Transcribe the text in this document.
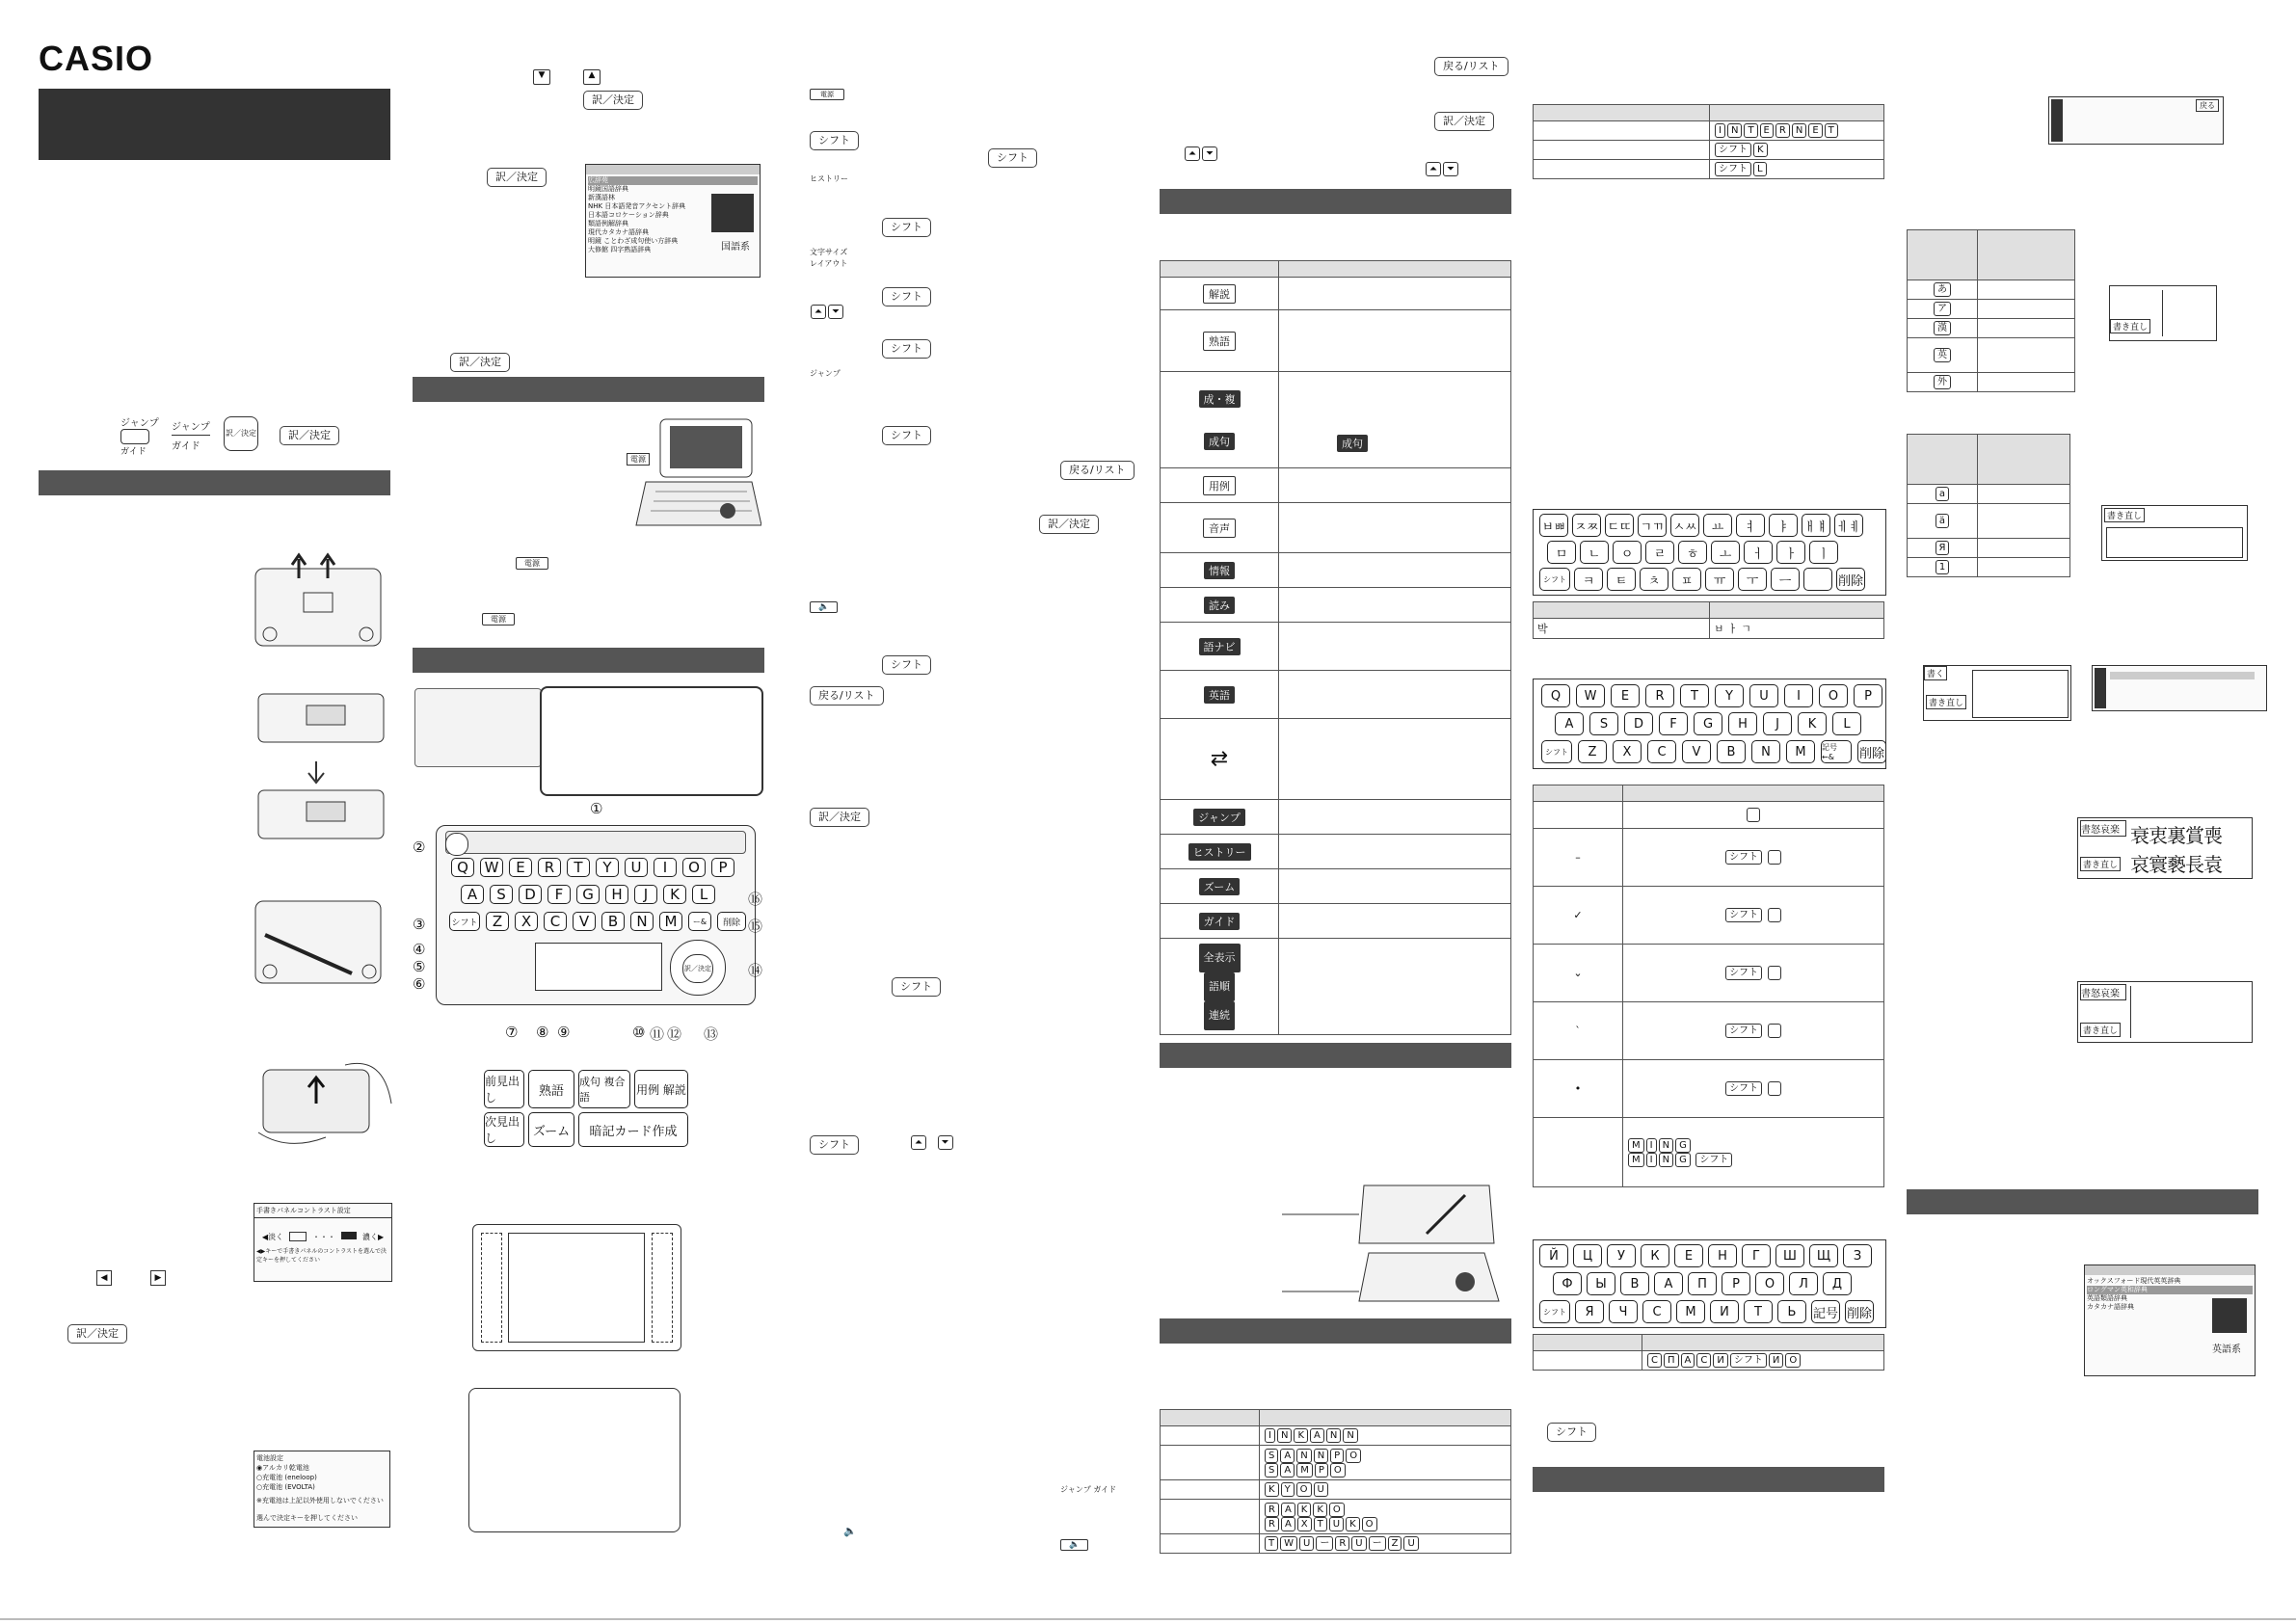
CASIO
ジャンプ
ガイド
ジャンプ
ガイド
訳／決定	訳／決定
手書きパネルコントラスト設定
◀淡く	・・・	濃く▶
◀▶キーで手書きパネルのコントラストを選んで決定キーを押してください
◀	▶
訳／決定
電池設定
◉アルカリ乾電池
○充電池 (eneloop)
○充電池 (EVOLTA)
※充電池は上記以外使用しないでください
選んで決定キーを押してください
▼	▲
訳／決定
訳／決定	広辞苑
明鏡国語辞典
新漢語林
NHK 日本語発音アクセント辞典
日本語コロケーション辞典
類語例解辞典
現代カタカナ語辞典
明鏡 ことわざ成句使い方辞典
大修館 四字熟語辞典	国語系
訳／決定
電源
電源
電源
Q	W	E	R	T	Y	U	I	O	P
A	S	D	F	G	H	J	K	L
シフト	Z	X	C	V	B	N	M	ー&	削除
訳／決定
①
②
③
④
⑤
⑥
⑦ ⑧ ⑨	⑩ ⑪ ⑫ ⑬
⑭
⑮
⑯
前見出し	熟語
成句 複合語
用例 解説
次見出し	ズーム	暗記カード作成
電源
シフト
シフト
ヒストリー
シフト
文字サイズ
レイアウト
シフト
⏶ ⏷
シフト
ジャンプ
シフト
戻る/リスト
訳／決定
🔈
シフト
戻る/リスト
訳／決定
シフト
シフト	⏶ ⏷
ジャンプ ガイド
🔈
🔈
戻る/リスト
訳／決定
⏶ ⏷
⏶ ⏷

解説	
熟語	
成・複

成句	成句
用例	
音声	
情報	
読み	
語ナビ	
英語	
⇄	
ジャンプ	
ヒストリー	
ズーム	
ガイド	
全表示
語順
連続	

	I N K A N N
	S A N N P O
S A M P O
	K Y O U
	R A K K O
R A X T U K O
	T W U ー R U ー Z U

	I N T E R N E T
	シフト K
	シフト L
ㅂㅃ ㅈㅉ ㄷㄸ ㄱㄲ ㅅㅆ	ㅛ	ㅕ	ㅑ	ㅐㅒ ㅔㅖ
ㅁ	ㄴ	ㅇ	ㄹ	ㅎ	ㅗ	ㅓ	ㅏ	ㅣ
シフト	ㅋ	ㅌ	ㅊ	ㅍ	ㅠ	ㅜ	ㅡ	削除

박	ㅂ ㅏ ㄱ
Q	W	E	R	T	Y	U	I	O	P
A	S	D	F	G	H	J	K	L
シフト	Z	X	C	V	B	N	M	記号 ←&	削除

–	シフト
✓	シフト
⌄	シフト
ˋ	シフト
•	シフト
	M I N G
M I N G シフト
Й	Ц	У	К	Е	Н	Г	Ш	Щ	З
Ф	Ы	В	А	П	Р	О	Л	Д
シフト	Я	Ч	С	М	И	Т	Ь	記号 削除

	С П А С И シフト И О
シフト
戻る

あ	
ア	
漢	
英	
外	
書き直し

a	
ä	
Я	
1	
書き直し
書く
書き直し
書怒哀楽
書き直し
衰衷裏賞喪
哀寰褻長袁
書怒哀楽
書き直し
オックスフォード現代英英辞典
ロングマン英和辞典
英語類語辞典
カタカナ語辞典
英語系
